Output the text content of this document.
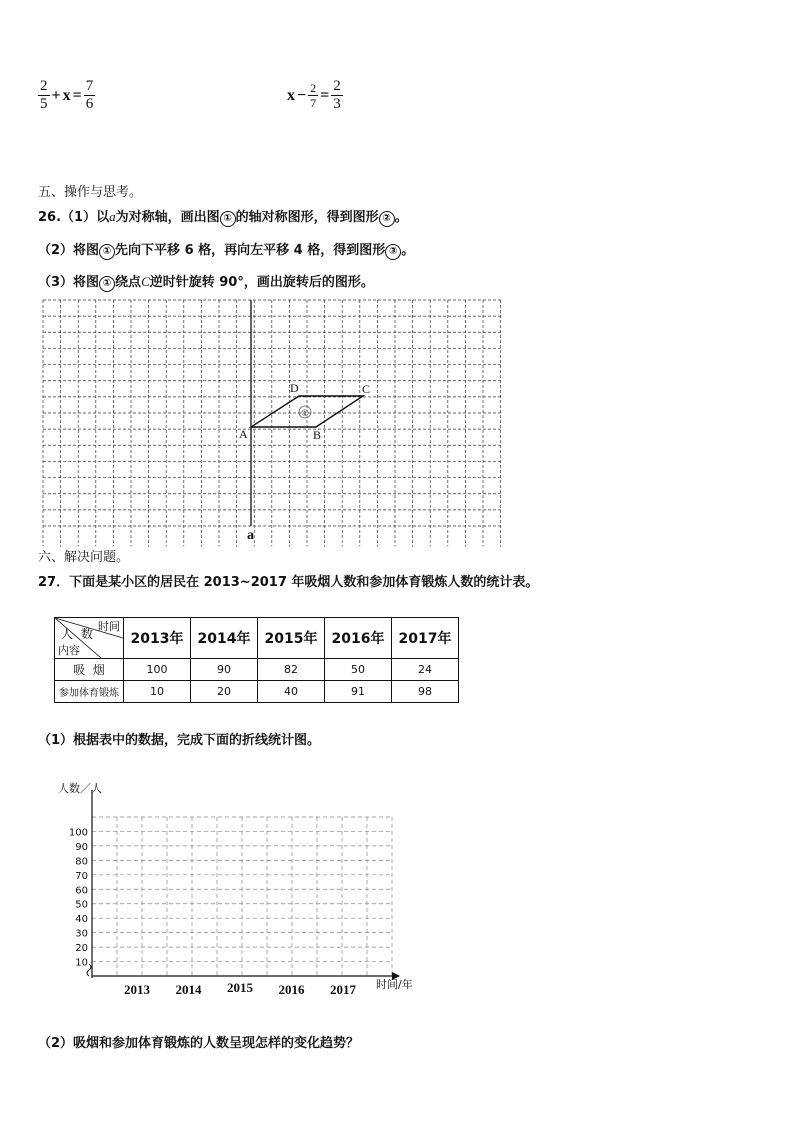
$\frac{2}{5} + x = \frac{7}{6}$	$x - \frac{2}{7} = \frac{2}{3}$
五、操作与思考。
26.（1）以a为对称轴，画出图 ① 的轴对称图形，得到图形 ② 。
（2）将图 ① 先向下平移 6 格，再向左平移 4 格，得到图形 ③ 。
（3）将图 ① 绕点C逆时针旋转 90°，画出旋转后的图形。
①
A	B
C
D
a
六、解决问题。
27．下面是某小区的居民在 2013~2017 年吸烟人数和参加体育锻炼人数的统计表。
时间
人数
内容	2013年	2014年	2015年	2016年	2017年
吸  烟	100	90	82	50	24
参加体育锻炼	10	20	40	91	98
（1）根据表中的数据，完成下面的折线统计图。
10
20
30
40
50
60
70
80
90
100
2013 2014 2015 2016 2017
人数／人
时间/年
（2）吸烟和参加体育锻炼的人数呈现怎样的变化趋势？
